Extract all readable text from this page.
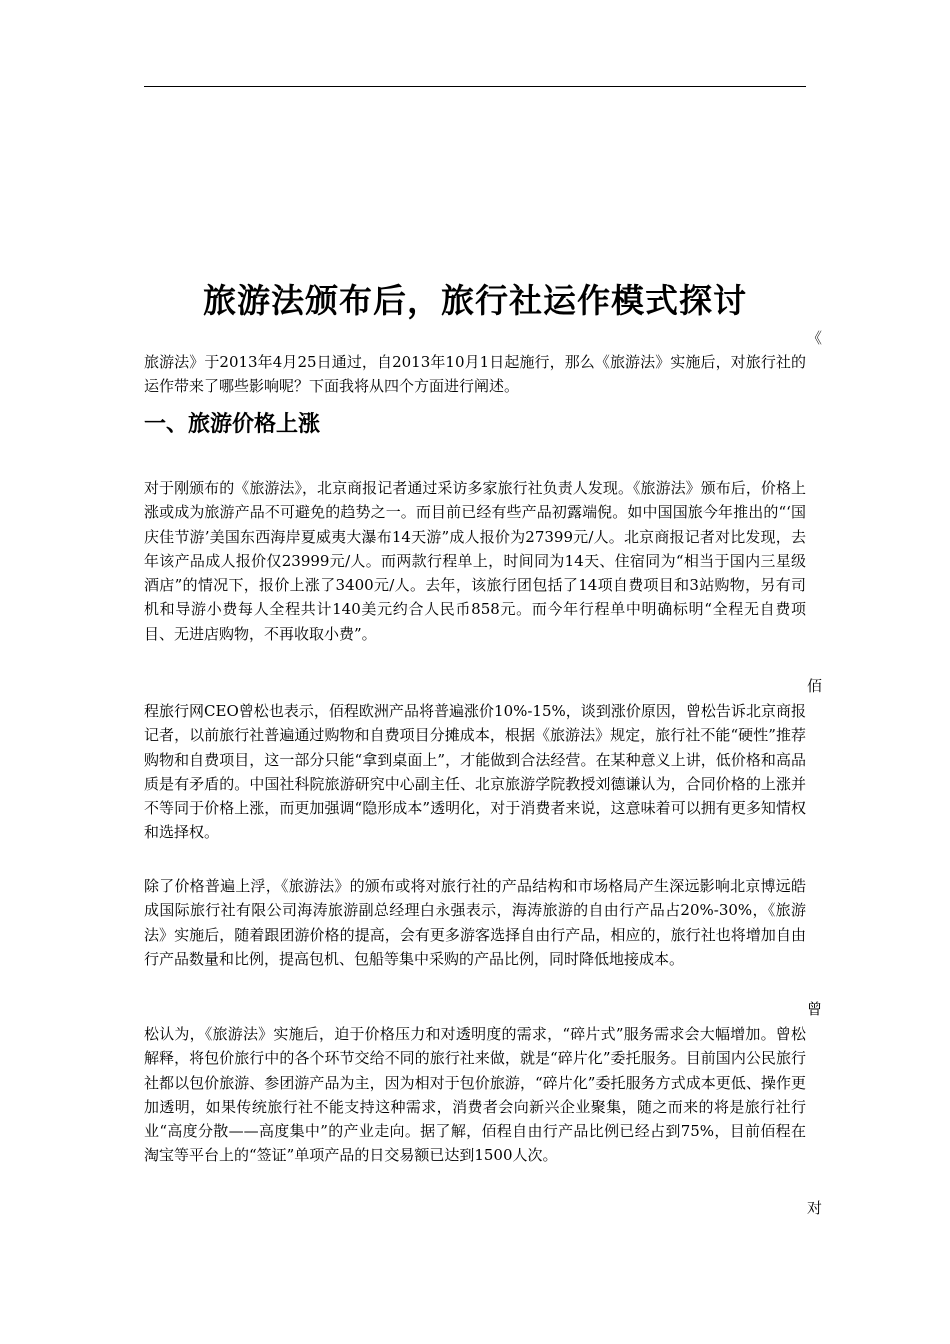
旅游法颁布后，旅行社运作模式探讨
《

旅游法》于2013年4月25日通过，自2013年10月1日起施行，那么《旅游法》实施后，对旅行社的运作带来了哪些影响呢？下面我将从四个方面进行阐述。

一、旅游价格上涨

对于刚颁布的《旅游法》，北京商报记者通过采访多家旅行社负责人发现。《旅游法》颁布后，价格上涨或成为旅游产品不可避免的趋势之一。而目前已经有些产品初露端倪。如中国国旅今年推出的“‘国庆佳节游’美国东西海岸夏威夷大瀑布14天游”成人报价为27399元/人。北京商报记者对比发现，去年该产品成人报价仅23999元/人。而两款行程单上，时间同为14天、住宿同为“相当于国内三星级酒店”的情况下，报价上涨了3400元/人。去年，该旅行团包括了14项自费项目和3站购物，另有司机和导游小费每人全程共计140美元约合人民币858元。而今年行程单中明确标明“全程无自费项目、无进店购物，不再收取小费”。

佰

程旅行网CEO曾松也表示，佰程欧洲产品将普遍涨价10%-15%，谈到涨价原因，曾松告诉北京商报记者，以前旅行社普遍通过购物和自费项目分摊成本，根据《旅游法》规定，旅行社不能“硬性”推荐购物和自费项目，这一部分只能“拿到桌面上”，才能做到合法经营。在某种意义上讲，低价格和高品质是有矛盾的。中国社科院旅游研究中心副主任、北京旅游学院教授刘德谦认为，合同价格的上涨并不等同于价格上涨，而更加强调“隐形成本”透明化，对于消费者来说，这意味着可以拥有更多知情权和选择权。

除了价格普遍上浮，《旅游法》的颁布或将对旅行社的产品结构和市场格局产生深远影响北京博远皓成国际旅行社有限公司海涛旅游副总经理白永强表示，海涛旅游的自由行产品占20%-30%，《旅游法》实施后，随着跟团游价格的提高，会有更多游客选择自由行产品，相应的，旅行社也将增加自由行产品数量和比例，提高包机、包船等集中采购的产品比例，同时降低地接成本。

曾

松认为，《旅游法》实施后，迫于价格压力和对透明度的需求，“碎片式”服务需求会大幅增加。曾松解释，将包价旅行中的各个环节交给不同的旅行社来做，就是“碎片化”委托服务。目前国内公民旅行社都以包价旅游、参团游产品为主，因为相对于包价旅游，“碎片化”委托服务方式成本更低、操作更加透明，如果传统旅行社不能支持这种需求，消费者会向新兴企业聚集，随之而来的将是旅行社行业“高度分散——高度集中”的产业走向。据了解，佰程自由行产品比例已经占到75%，目前佰程在淘宝等平台上的“签证”单项产品的日交易额已达到1500人次。

对
